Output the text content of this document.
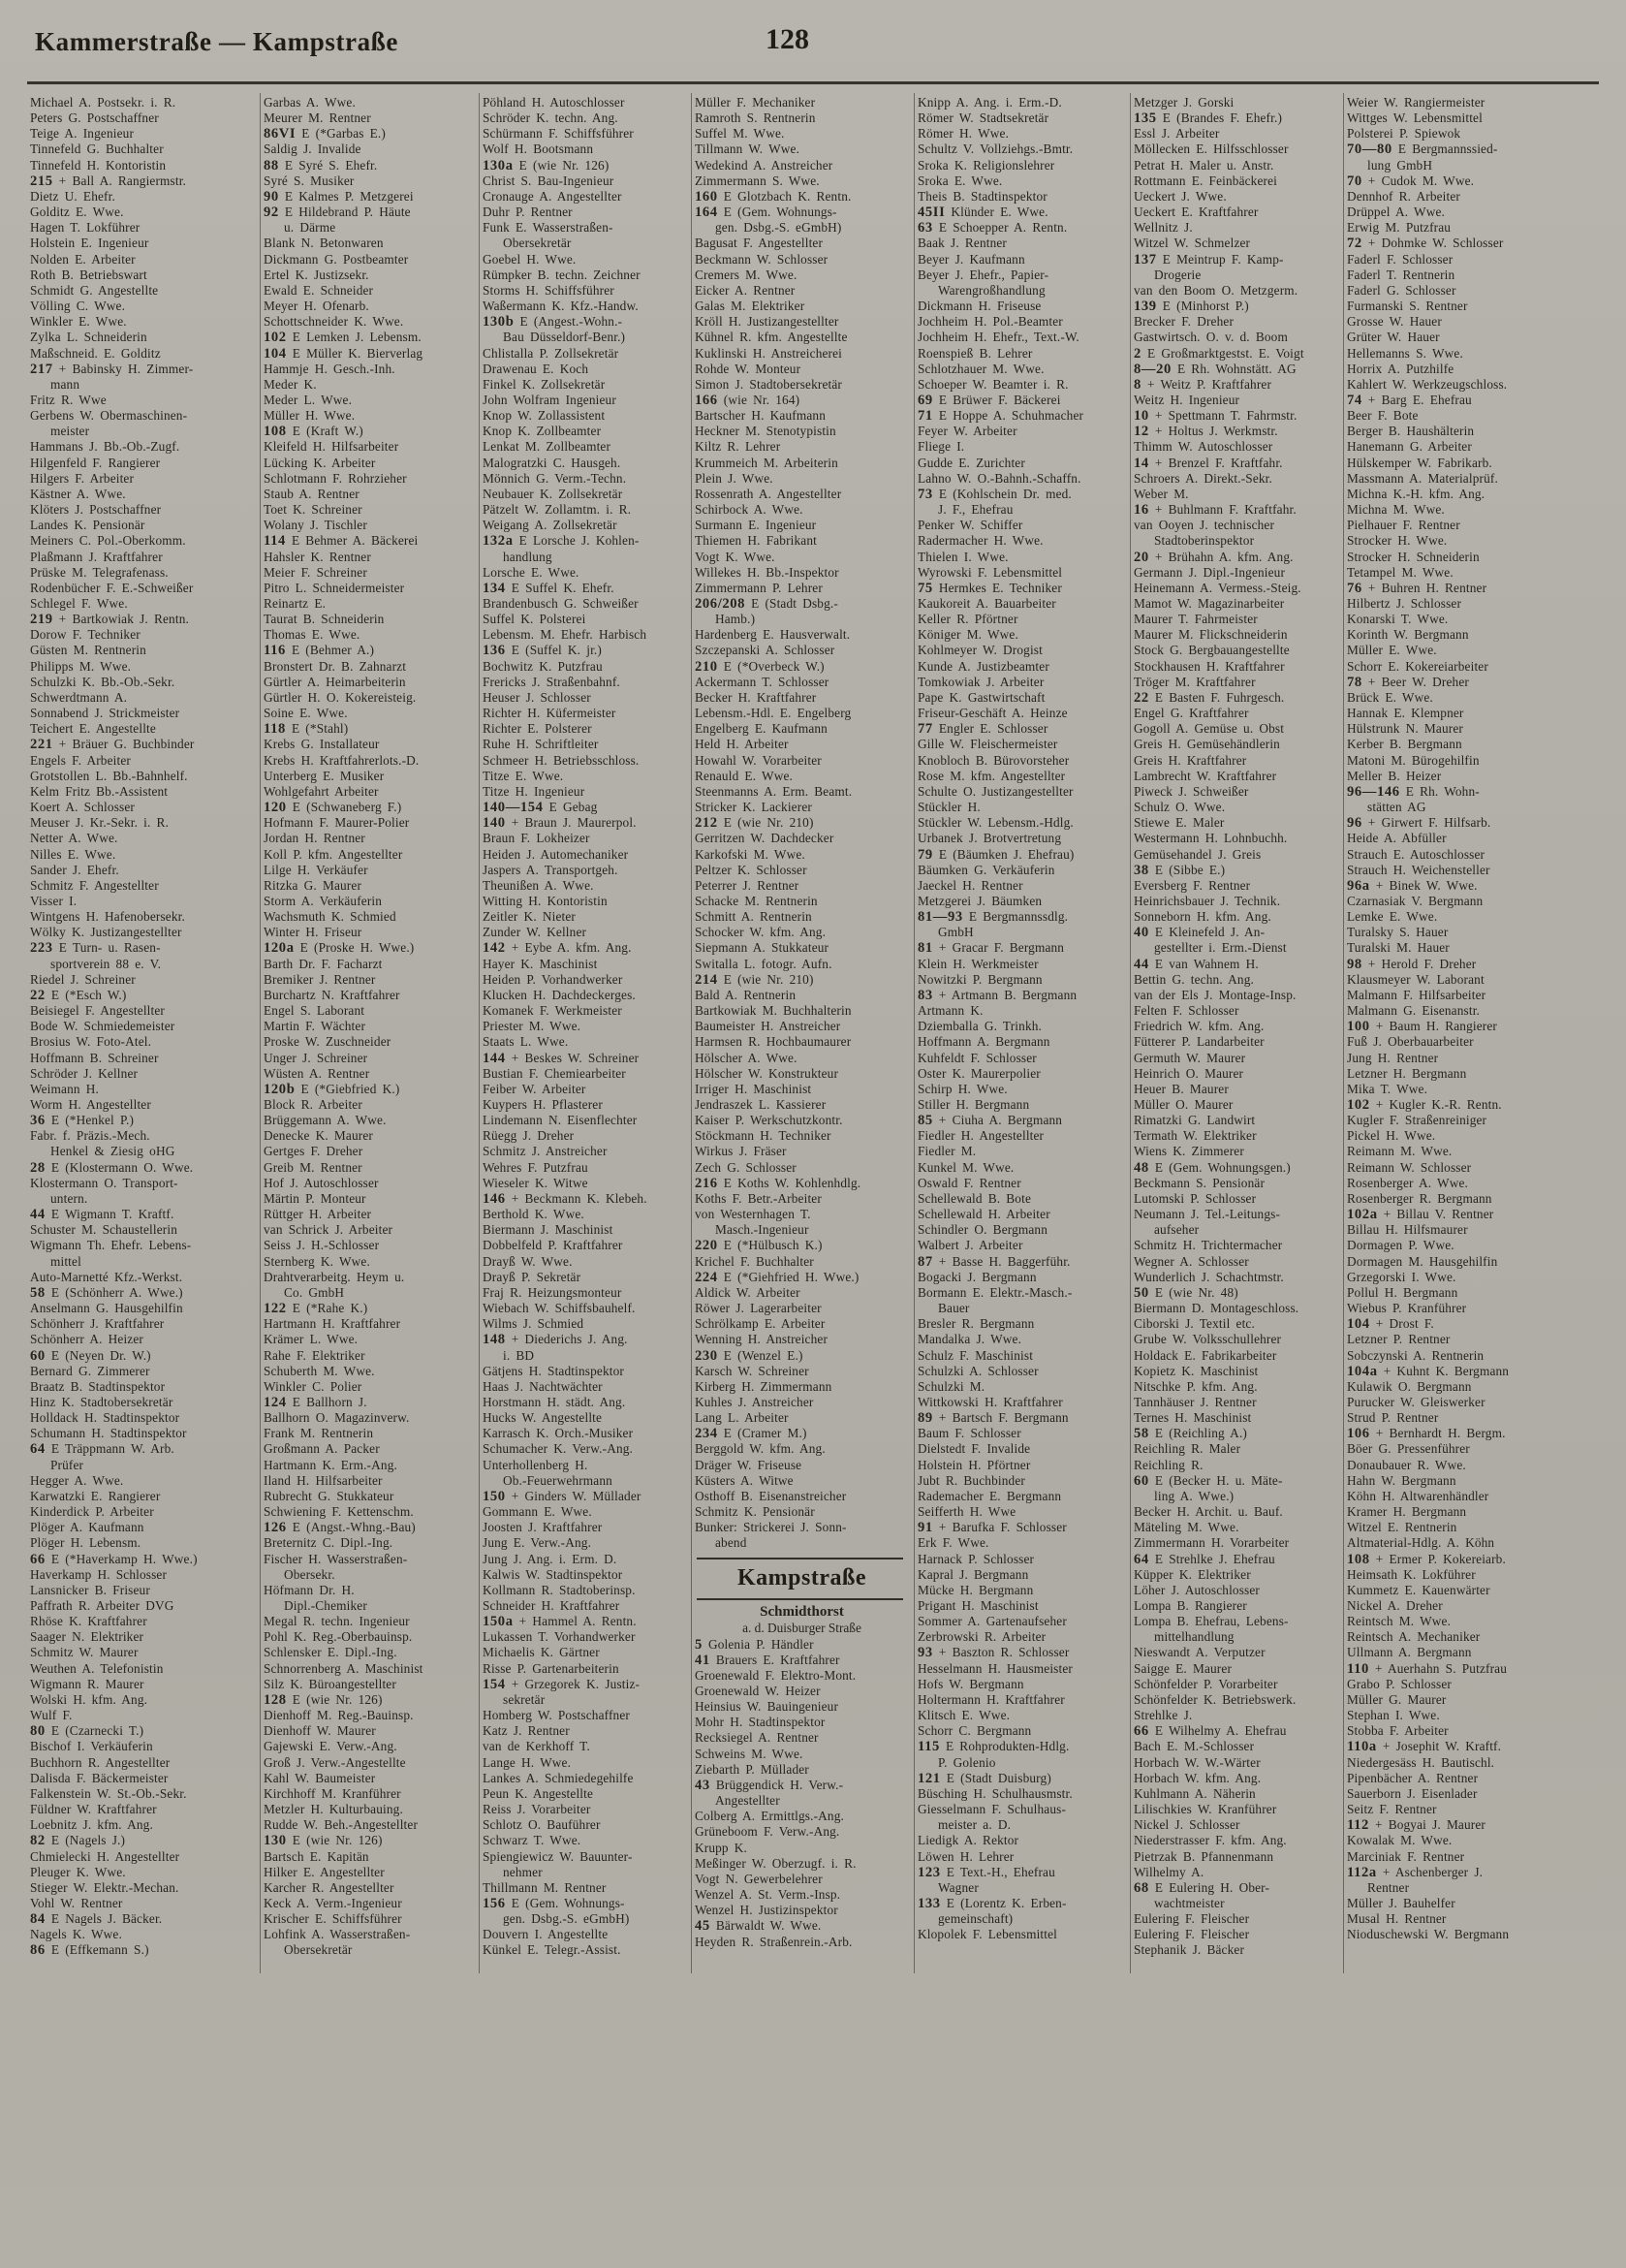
Kammerstraße — Kampstraße	128
Michael A. Postsekr. i. R.
Peters G. Postschaffner
Teige A. Ingenieur
Tinnefeld G. Buchhalter
Tinnefeld H. Kontoristin
215 + Ball A. Rangiermstr.
Dietz U. Ehefr.
Golditz E. Wwe.
Hagen T. Lokführer
Holstein E. Ingenieur
Nolden E. Arbeiter
Roth B. Betriebswart
Schmidt G. Angestellte
Völling C. Wwe.
Winkler E. Wwe.
Zylka L. Schneiderin
Maßschneid. E. Golditz
217 + Babinsky H. Zimmer-
mann
Fritz R. Wwe
Gerbens W. Obermaschinen-
meister
Hammans J. Bb.-Ob.-Zugf.
Hilgenfeld F. Rangierer
Hilgers F. Arbeiter
Kästner A. Wwe.
Klöters J. Postschaffner
Landes K. Pensionär
Meiners C. Pol.-Oberkomm.
Plaßmann J. Kraftfahrer
Prüske M. Telegrafenass.
Rodenbücher F. E.-Schweißer
Schlegel F. Wwe.
219 + Bartkowiak J. Rentn.
Dorow F. Techniker
Güsten M. Rentnerin
Philipps M. Wwe.
Schulzki K. Bb.-Ob.-Sekr.
Schwerdtmann A.
Sonnabend J. Strickmeister
Teichert E. Angestellte
221 + Bräuer G. Buchbinder
Engels F. Arbeiter
Grotstollen L. Bb.-Bahnhelf.
Kelm Fritz Bb.-Assistent
Koert A. Schlosser
Meuser J. Kr.-Sekr. i. R.
Netter A. Wwe.
Nilles E. Wwe.
Sander J. Ehefr.
Schmitz F. Angestellter
Visser I.
Wintgens H. Hafenobersekr.
Wölky K. Justizangestellter
223 E Turn- u. Rasen-
sportverein 88 e. V.
Riedel J. Schreiner
22 E (*Esch W.)
Beisiegel F. Angestellter
Bode W. Schmiedemeister
Brosius W. Foto-Atel.
Hoffmann B. Schreiner
Schröder J. Kellner
Weimann H.
Worm H. Angestellter
36 E (*Henkel P.)
Fabr. f. Präzis.-Mech.
Henkel & Ziesig oHG
28 E (Klostermann O. Wwe.
Klostermann O. Transport-
untern.
44 E Wigmann T. Kraftf.
Schuster M. Schaustellerin
Wigmann Th. Ehefr. Lebens-
mittel
Auto-Marnetté Kfz.-Werkst.
58 E (Schönherr A. Wwe.)
Anselmann G. Hausgehilfin
Schönherr J. Kraftfahrer
Schönherr A. Heizer
60 E (Neyen Dr. W.)
Bernard G. Zimmerer
Braatz B. Stadtinspektor
Hinz K. Stadtobersekretär
Holldack H. Stadtinspektor
Schumann H. Stadtinspektor
64 E Träppmann W. Arb.
Prüfer
Hegger A. Wwe.
Karwatzki E. Rangierer
Kinderdick P. Arbeiter
Plöger A. Kaufmann
Plöger H. Lebensm.
66 E (*Haverkamp H. Wwe.)
Haverkamp H. Schlosser
Lansnicker B. Friseur
Paffrath R. Arbeiter DVG
Rhöse K. Kraftfahrer
Saager N. Elektriker
Schmitz W. Maurer
Weuthen A. Telefonistin
Wigmann R. Maurer
Wolski H. kfm. Ang.
Wulf F.
80 E (Czarnecki T.)
Bischof I. Verkäuferin
Buchhorn R. Angestellter
Dalisda F. Bäckermeister
Falkenstein W. St.-Ob.-Sekr.
Füldner W. Kraftfahrer
Loebnitz J. kfm. Ang.
82 E (Nagels J.)
Chmielecki H. Angestellter
Pleuger K. Wwe.
Stieger W. Elektr.-Mechan.
Vohl W. Rentner
84 E Nagels J. Bäcker.
Nagels K. Wwe.
86 E (Effkemann S.)
Garbas A. Wwe.
Meurer M. Rentner
86VI E (*Garbas E.)
Saldig J. Invalide
88 E Syré S. Ehefr.
Syré S. Musiker
90 E Kalmes P. Metzgerei
92 E Hildebrand P. Häute
u. Därme
Blank N. Betonwaren
Dickmann G. Postbeamter
Ertel K. Justizsekr.
Ewald E. Schneider
Meyer H. Ofenarb.
Schottschneider K. Wwe.
102 E Lemken J. Lebensm.
104 E Müller K. Bierverlag
Hammje H. Gesch.-Inh.
Meder K.
Meder L. Wwe.
Müller H. Wwe.
108 E (Kraft W.)
Kleifeld H. Hilfsarbeiter
Lücking K. Arbeiter
Schlotmann F. Rohrzieher
Staub A. Rentner
Toet K. Schreiner
Wolany J. Tischler
114 E Behmer A. Bäckerei
Hahsler K. Rentner
Meier F. Schreiner
Pitro L. Schneidermeister
Reinartz E.
Taurat B. Schneiderin
Thomas E. Wwe.
116 E (Behmer A.)
Bronstert Dr. B. Zahnarzt
Gürtler A. Heimarbeiterin
Gürtler H. O. Kokereisteig.
Soine E. Wwe.
118 E (*Stahl)
Krebs G. Installateur
Krebs H. Kraftfahrerlots.-D.
Unterberg E. Musiker
Wohlgefahrt Arbeiter
120 E (Schwaneberg F.)
Hofmann F. Maurer-Polier
Jordan H. Rentner
Koll P. kfm. Angestellter
Lilge H. Verkäufer
Ritzka G. Maurer
Storm A. Verkäuferin
Wachsmuth K. Schmied
Winter H. Friseur
120a E (Proske H. Wwe.)
Barth Dr. F. Facharzt
Bremiker J. Rentner
Burchartz N. Kraftfahrer
Engel S. Laborant
Martin F. Wächter
Proske W. Zuschneider
Unger J. Schreiner
Wüsten A. Rentner
120b E (*Giebfried K.)
Block R. Arbeiter
Brüggemann A. Wwe.
Denecke K. Maurer
Gertges F. Dreher
Greib M. Rentner
Hof J. Autoschlosser
Märtin P. Monteur
Rüttger H. Arbeiter
van Schrick J. Arbeiter
Seiss J. H.-Schlosser
Sternberg K. Wwe.
Drahtverarbeitg. Heym u.
Co. GmbH
122 E (*Rahe K.)
Hartmann H. Kraftfahrer
Krämer L. Wwe.
Rahe F. Elektriker
Schuberth M. Wwe.
Winkler C. Polier
124 E Ballhorn J.
Ballhorn O. Magazinverw.
Frank M. Rentnerin
Großmann A. Packer
Hartmann K. Erm.-Ang.
Iland H. Hilfsarbeiter
Rubrecht G. Stukkateur
Schwiening F. Kettenschm.
126 E (Angst.-Whng.-Bau)
Breternitz C. Dipl.-Ing.
Fischer H. Wasserstraßen-
Obersekr.
Höfmann Dr. H.
Dipl.-Chemiker
Megal R. techn. Ingenieur
Pohl K. Reg.-Oberbauinsp.
Schlensker E. Dipl.-Ing.
Schnorrenberg A. Maschinist
Silz K. Büroangestellter
128 E (wie Nr. 126)
Dienhoff M. Reg.-Bauinsp.
Dienhoff W. Maurer
Gajewski E. Verw.-Ang.
Groß J. Verw.-Angestellte
Kahl W. Baumeister
Kirchhoff M. Kranführer
Metzler H. Kulturbauing.
Rudde W. Beh.-Angestellter
130 E (wie Nr. 126)
Bartsch E. Kapitän
Hilker E. Angestellter
Karcher R. Angestellter
Keck A. Verm.-Ingenieur
Krischer E. Schiffsführer
Lohfink A. Wasserstraßen-
Obersekretär
Pöhland H. Autoschlosser
Schröder K. techn. Ang.
Schürmann F. Schiffsführer
Wolf H. Bootsmann
130a E (wie Nr. 126)
Christ S. Bau-Ingenieur
Cronauge A. Angestellter
Duhr P. Rentner
Funk E. Wasserstraßen-
Obersekretär
Goebel H. Wwe.
Rümpker B. techn. Zeichner
Storms H. Schiffsführer
Waßermann K. Kfz.-Handw.
130b E (Angest.-Wohn.-
Bau Düsseldorf-Benr.)
Chlistalla P. Zollsekretär
Drawenau E. Koch
Finkel K. Zollsekretär
John Wolfram Ingenieur
Knop W. Zollassistent
Knop K. Zollbeamter
Lenkat M. Zollbeamter
Malogratzki C. Hausgeh.
Mönnich G. Verm.-Techn.
Neubauer K. Zollsekretär
Pätzelt W. Zollamtm. i. R.
Weigang A. Zollsekretär
132a E Lorsche J. Kohlen-
handlung
Lorsche E. Wwe.
134 E Suffel K. Ehefr.
Brandenbusch G. Schweißer
Suffel K. Polsterei
Lebensm. M. Ehefr. Harbisch
136 E (Suffel K. jr.)
Bochwitz K. Putzfrau
Frericks J. Straßenbahnf.
Heuser J. Schlosser
Richter H. Küfermeister
Richter E. Polsterer
Ruhe H. Schriftleiter
Schmeer H. Betriebsschloss.
Titze E. Wwe.
Titze H. Ingenieur
140—154 E Gebag
140 + Braun J. Maurerpol.
Braun F. Lokheizer
Heiden J. Automechaniker
Jaspers A. Transportgeh.
Theunißen A. Wwe.
Witting H. Kontoristin
Zeitler K. Nieter
Zunder W. Kellner
142 + Eybe A. kfm. Ang.
Hayer K. Maschinist
Heiden P. Vorhandwerker
Klucken H. Dachdeckerges.
Komanek F. Werkmeister
Priester M. Wwe.
Staats L. Wwe.
144 + Beskes W. Schreiner
Bustian F. Chemiearbeiter
Feiber W. Arbeiter
Kuypers H. Pflasterer
Lindemann N. Eisenflechter
Rüegg J. Dreher
Schmitz J. Anstreicher
Wehres F. Putzfrau
Wieseler K. Witwe
146 + Beckmann K. Klebeh.
Berthold K. Wwe.
Biermann J. Maschinist
Dobbelfeld P. Kraftfahrer
Drayß W. Wwe.
Drayß P. Sekretär
Fraj R. Heizungsmonteur
Wiebach W. Schiffsbauhelf.
Wilms J. Schmied
148 + Diederichs J. Ang.
i. BD
Gätjens H. Stadtinspektor
Haas J. Nachtwächter
Horstmann H. städt. Ang.
Hucks W. Angestellte
Karrasch K. Orch.-Musiker
Schumacher K. Verw.-Ang.
Unterhollenberg H.
Ob.-Feuerwehrmann
150 + Ginders W. Müllader
Gommann E. Wwe.
Joosten J. Kraftfahrer
Jung E. Verw.-Ang.
Jung J. Ang. i. Erm. D.
Kalwis W. Stadtinspektor
Kollmann R. Stadtoberinsp.
Schneider H. Kraftfahrer
150a + Hammel A. Rentn.
Lukassen T. Vorhandwerker
Michaelis K. Gärtner
Risse P. Gartenarbeiterin
154 + Grzegorek K. Justiz-
sekretär
Homberg W. Postschaffner
Katz J. Rentner
van de Kerkhoff T.
Lange H. Wwe.
Lankes A. Schmiedegehilfe
Peun K. Angestellte
Reiss J. Vorarbeiter
Schlotz O. Bauführer
Schwarz T. Wwe.
Spiengiewicz W. Bauunter-
nehmer
Thillmann M. Rentner
156 E (Gem. Wohnungs-
gen. Dsbg.-S. eGmbH)
Douvern I. Angestellte
Künkel E. Telegr.-Assist.
Müller F. Mechaniker
Ramroth S. Rentnerin
Suffel M. Wwe.
Tillmann W. Wwe.
Wedekind A. Anstreicher
Zimmermann S. Wwe.
160 E Glotzbach K. Rentn.
164 E (Gem. Wohnungs-
gen. Dsbg.-S. eGmbH)
Bagusat F. Angestellter
Beckmann W. Schlosser
Cremers M. Wwe.
Eicker A. Rentner
Galas M. Elektriker
Kröll H. Justizangestellter
Kühnel R. kfm. Angestellte
Kuklinski H. Anstreicherei
Rohde W. Monteur
Simon J. Stadtobersekretär
166 (wie Nr. 164)
Bartscher H. Kaufmann
Heckner M. Stenotypistin
Kiltz R. Lehrer
Krummeich M. Arbeiterin
Plein J. Wwe.
Rossenrath A. Angestellter
Schirbock A. Wwe.
Surmann E. Ingenieur
Thiemen H. Fabrikant
Vogt K. Wwe.
Willekes H. Bb.-Inspektor
Zimmermann P. Lehrer
206/208 E (Stadt Dsbg.-
Hamb.)
Hardenberg E. Hausverwalt.
Szczepanski A. Schlosser
210 E (*Overbeck W.)
Ackermann T. Schlosser
Becker H. Kraftfahrer
Lebensm.-Hdl. E. Engelberg
Engelberg E. Kaufmann
Held H. Arbeiter
Howahl W. Vorarbeiter
Renauld E. Wwe.
Steenmanns A. Erm. Beamt.
Stricker K. Lackierer
212 E (wie Nr. 210)
Gerritzen W. Dachdecker
Karkofski M. Wwe.
Peltzer K. Schlosser
Peterrer J. Rentner
Schacke M. Rentnerin
Schmitt A. Rentnerin
Schocker W. kfm. Ang.
Siepmann A. Stukkateur
Switalla L. fotogr. Aufn.
214 E (wie Nr. 210)
Bald A. Rentnerin
Bartkowiak M. Buchhalterin
Baumeister H. Anstreicher
Harmsen R. Hochbaumaurer
Hölscher A. Wwe.
Hölscher W. Konstrukteur
Irriger H. Maschinist
Jendraszek L. Kassierer
Kaiser P. Werkschutzkontr.
Stöckmann H. Techniker
Wirkus J. Fräser
Zech G. Schlosser
216 E Koths W. Kohlenhdlg.
Koths F. Betr.-Arbeiter
von Westernhagen T.
Masch.-Ingenieur
220 E (*Hülbusch K.)
Krichel F. Buchhalter
224 E (*Giehfried H. Wwe.)
Aldick W. Arbeiter
Röwer J. Lagerarbeiter
Schrölkamp E. Arbeiter
Wenning H. Anstreicher
230 E (Wenzel E.)
Karsch W. Schreiner
Kirberg H. Zimmermann
Kuhles J. Anstreicher
Lang L. Arbeiter
234 E (Cramer M.)
Berggold W. kfm. Ang.
Dräger W. Friseuse
Küsters A. Witwe
Osthoff B. Eisenanstreicher
Schmitz K. Pensionär
Bunker: Strickerei J. Sonn-
abend
Kampstraße
Schmidthorst
a. d. Duisburger Straße
5 Golenia P. Händler
41 Brauers E. Kraftfahrer
Groenewald F. Elektro-Mont.
Groenewald W. Heizer
Heinsius W. Bauingenieur
Mohr H. Stadtinspektor
Recksiegel A. Rentner
Schweins M. Wwe.
Ziebarth P. Müllader
43 Brüggendick H. Verw.-
Angestellter
Colberg A. Ermittlgs.-Ang.
Grüneboom F. Verw.-Ang.
Krupp K.
Meßinger W. Oberzugf. i. R.
Vogt N. Gewerbelehrer
Wenzel A. St. Verm.-Insp.
Wenzel H. Justizinspektor
45 Bärwaldt W. Wwe.
Heyden R. Straßenrein.-Arb.
Knipp A. Ang. i. Erm.-D.
Römer W. Stadtsekretär
Römer H. Wwe.
Schultz V. Vollziehgs.-Bmtr.
Sroka K. Religionslehrer
Sroka E. Wwe.
Theis B. Stadtinspektor
45II Klünder E. Wwe.
63 E Schoepper A. Rentn.
Baak J. Rentner
Beyer J. Kaufmann
Beyer J. Ehefr., Papier-
Warengroßhandlung
Dickmann H. Friseuse
Jochheim H. Pol.-Beamter
Jochheim H. Ehefr., Text.-W.
Roenspieß B. Lehrer
Schlotzhauer M. Wwe.
Schoeper W. Beamter i. R.
69 E Brüwer F. Bäckerei
71 E Hoppe A. Schuhmacher
Feyer W. Arbeiter
Fliege I.
Gudde E. Zurichter
Lahno W. O.-Bahnh.-Schaffn.
73 E (Kohlschein Dr. med.
J. F., Ehefrau
Penker W. Schiffer
Radermacher H. Wwe.
Thielen I. Wwe.
Wyrowski F. Lebensmittel
75 Hermkes E. Techniker
Kaukoreit A. Bauarbeiter
Keller R. Pförtner
Königer M. Wwe.
Kohlmeyer W. Drogist
Kunde A. Justizbeamter
Tomkowiak J. Arbeiter
Pape K. Gastwirtschaft
Friseur-Geschäft A. Heinze
77 Engler E. Schlosser
Gille W. Fleischermeister
Knobloch B. Bürovorsteher
Rose M. kfm. Angestellter
Schulte O. Justizangestellter
Stückler H.
Stückler W. Lebensm.-Hdlg.
Urbanek J. Brotvertretung
79 E (Bäumken J. Ehefrau)
Bäumken G. Verkäuferin
Jaeckel H. Rentner
Metzgerei J. Bäumken
81—93 E Bergmannssdlg.
GmbH
81 + Gracar F. Bergmann
Klein H. Werkmeister
Nowitzki P. Bergmann
83 + Artmann B. Bergmann
Artmann K.
Dziemballa G. Trinkh.
Hoffmann A. Bergmann
Kuhfeldt F. Schlosser
Oster K. Maurerpolier
Schirp H. Wwe.
Stiller H. Bergmann
85 + Ciuha A. Bergmann
Fiedler H. Angestellter
Fiedler M.
Kunkel M. Wwe.
Oswald F. Rentner
Schellewald B. Bote
Schellewald H. Arbeiter
Schindler O. Bergmann
Walbert J. Arbeiter
87 + Basse H. Baggerführ.
Bogacki J. Bergmann
Bormann E. Elektr.-Masch.-
Bauer
Bresler R. Bergmann
Mandalka J. Wwe.
Schulz F. Maschinist
Schulzki A. Schlosser
Schulzki M.
Wittkowski H. Kraftfahrer
89 + Bartsch F. Bergmann
Baum F. Schlosser
Dielstedt F. Invalide
Holstein H. Pförtner
Jubt R. Buchbinder
Rademacher E. Bergmann
Seifferth H. Wwe
91 + Barufka F. Schlosser
Erk F. Wwe.
Harnack P. Schlosser
Kapral J. Bergmann
Mücke H. Bergmann
Prigant H. Maschinist
Sommer A. Gartenaufseher
Zerbrowski R. Arbeiter
93 + Baszton R. Schlosser
Hesselmann H. Hausmeister
Hofs W. Bergmann
Holtermann H. Kraftfahrer
Klitsch E. Wwe.
Schorr C. Bergmann
115 E Rohprodukten-Hdlg.
P. Golenio
121 E (Stadt Duisburg)
Büsching H. Schulhausmstr.
Giesselmann F. Schulhaus-
meister a. D.
Liedigk A. Rektor
Löwen H. Lehrer
123 E Text.-H., Ehefrau
Wagner
133 E (Lorentz K. Erben-
gemeinschaft)
Klopolek F. Lebensmittel
Metzger J. Gorski
135 E (Brandes F. Ehefr.)
Essl J. Arbeiter
Möllecken E. Hilfsschlosser
Petrat H. Maler u. Anstr.
Rottmann E. Feinbäckerei
Ueckert J. Wwe.
Ueckert E. Kraftfahrer
Wellnitz J.
Witzel W. Schmelzer
137 E Meintrup F. Kamp-
Drogerie
van den Boom O. Metzgerm.
139 E (Minhorst P.)
Brecker F. Dreher
Gastwirtsch. O. v. d. Boom
2 E Großmarktgestst. E. Voigt
8—20 E Rh. Wohnstätt. AG
8 + Weitz P. Kraftfahrer
Weitz H. Ingenieur
10 + Spettmann T. Fahrmstr.
12 + Holtus J. Werkmstr.
Thimm W. Autoschlosser
14 + Brenzel F. Kraftfahr.
Schroers A. Direkt.-Sekr.
Weber M.
16 + Buhlmann F. Kraftfahr.
van Ooyen J. technischer
Stadtoberinspektor
20 + Brühahn A. kfm. Ang.
Germann J. Dipl.-Ingenieur
Heinemann A. Vermess.-Steig.
Mamot W. Magazinarbeiter
Maurer T. Fahrmeister
Maurer M. Flickschneiderin
Stock G. Bergbauangestellte
Stockhausen H. Kraftfahrer
Tröger M. Kraftfahrer
22 E Basten F. Fuhrgesch.
Engel G. Kraftfahrer
Gogoll A. Gemüse u. Obst
Greis H. Gemüsehändlerin
Greis H. Kraftfahrer
Lambrecht W. Kraftfahrer
Piweck J. Schweißer
Schulz O. Wwe.
Stiewe E. Maler
Westermann H. Lohnbuchh.
Gemüsehandel J. Greis
38 E (Sibbe E.)
Eversberg F. Rentner
Heinrichsbauer J. Technik.
Sonneborn H. kfm. Ang.
40 E Kleinefeld J. An-
gestellter i. Erm.-Dienst
44 E van Wahnem H.
Bettin G. techn. Ang.
van der Els J. Montage-Insp.
Felten F. Schlosser
Friedrich W. kfm. Ang.
Fütterer P. Landarbeiter
Germuth W. Maurer
Heinrich O. Maurer
Heuer B. Maurer
Müller O. Maurer
Rimatzki G. Landwirt
Termath W. Elektriker
Wiens K. Zimmerer
48 E (Gem. Wohnungsgen.)
Beckmann S. Pensionär
Lutomski P. Schlosser
Neumann J. Tel.-Leitungs-
aufseher
Schmitz H. Trichtermacher
Wegner A. Schlosser
Wunderlich J. Schachtmstr.
50 E (wie Nr. 48)
Biermann D. Montageschloss.
Ciborski J. Textil etc.
Grube W. Volksschullehrer
Holdack E. Fabrikarbeiter
Kopietz K. Maschinist
Nitschke P. kfm. Ang.
Tannhäuser J. Rentner
Ternes H. Maschinist
58 E (Reichling A.)
Reichling R. Maler
Reichling R.
60 E (Becker H. u. Mäte-
ling A. Wwe.)
Becker H. Archit. u. Bauf.
Mäteling M. Wwe.
Zimmermann H. Vorarbeiter
64 E Strehlke J. Ehefrau
Küpper K. Elektriker
Löher J. Autoschlosser
Lompa B. Rangierer
Lompa B. Ehefrau, Lebens-
mittelhandlung
Nieswandt A. Verputzer
Saigge E. Maurer
Schönfelder P. Vorarbeiter
Schönfelder K. Betriebswerk.
Strehlke J.
66 E Wilhelmy A. Ehefrau
Bach E. M.-Schlosser
Horbach W. W.-Wärter
Horbach W. kfm. Ang.
Kuhlmann A. Näherin
Lilischkies W. Kranführer
Nickel J. Schlosser
Niederstrasser F. kfm. Ang.
Pietrzak B. Pfannenmann
Wilhelmy A.
68 E Eulering H. Ober-
wachtmeister
Eulering F. Fleischer
Eulering F. Fleischer
Stephanik J. Bäcker
Weier W. Rangiermeister
Wittges W. Lebensmittel
Polsterei P. Spiewok
70—80 E Bergmannssied-
lung GmbH
70 + Cudok M. Wwe.
Dennhof R. Arbeiter
Drüppel A. Wwe.
Erwig M. Putzfrau
72 + Dohmke W. Schlosser
Faderl F. Schlosser
Faderl T. Rentnerin
Faderl G. Schlosser
Furmanski S. Rentner
Grosse W. Hauer
Grüter W. Hauer
Hellemanns S. Wwe.
Horrix A. Putzhilfe
Kahlert W. Werkzeugschloss.
74 + Barg E. Ehefrau
Beer F. Bote
Berger B. Haushälterin
Hanemann G. Arbeiter
Hülskemper W. Fabrikarb.
Massmann A. Materialprüf.
Michna K.-H. kfm. Ang.
Michna M. Wwe.
Pielhauer F. Rentner
Strocker H. Wwe.
Strocker H. Schneiderin
Tetampel M. Wwe.
76 + Buhren H. Rentner
Hilbertz J. Schlosser
Konarski T. Wwe.
Korinth W. Bergmann
Müller E. Wwe.
Schorr E. Kokereiarbeiter
78 + Beer W. Dreher
Brück E. Wwe.
Hannak E. Klempner
Hülstrunk N. Maurer
Kerber B. Bergmann
Matoni M. Bürogehilfin
Meller B. Heizer
96—146 E Rh. Wohn-
stätten AG
96 + Girwert F. Hilfsarb.
Heide A. Abfüller
Strauch E. Autoschlosser
Strauch H. Weichensteller
96a + Binek W. Wwe.
Czarnasiak V. Bergmann
Lemke E. Wwe.
Turalsky S. Hauer
Turalski M. Hauer
98 + Herold F. Dreher
Klausmeyer W. Laborant
Malmann F. Hilfsarbeiter
Malmann G. Eisenanstr.
100 + Baum H. Rangierer
Fuß J. Oberbauarbeiter
Jung H. Rentner
Letzner H. Bergmann
Mika T. Wwe.
102 + Kugler K.-R. Rentn.
Kugler F. Straßenreiniger
Pickel H. Wwe.
Reimann M. Wwe.
Reimann W. Schlosser
Rosenberger A. Wwe.
Rosenberger R. Bergmann
102a + Billau V. Rentner
Billau H. Hilfsmaurer
Dormagen P. Wwe.
Dormagen M. Hausgehilfin
Grzegorski I. Wwe.
Pollul H. Bergmann
Wiebus P. Kranführer
104 + Drost F.
Letzner P. Rentner
Sobczynski A. Rentnerin
104a + Kuhnt K. Bergmann
Kulawik O. Bergmann
Purucker W. Gleiswerker
Strud P. Rentner
106 + Bernhardt H. Bergm.
Böer G. Pressenführer
Donaubauer R. Wwe.
Hahn W. Bergmann
Köhn H. Altwarenhändler
Kramer H. Bergmann
Witzel E. Rentnerin
Altmaterial-Hdlg. A. Köhn
108 + Ermer P. Kokereiarb.
Heimsath K. Lokführer
Kummetz E. Kauenwärter
Nickel A. Dreher
Reintsch M. Wwe.
Reintsch A. Mechaniker
Ullmann A. Bergmann
110 + Auerhahn S. Putzfrau
Grabo P. Schlosser
Müller G. Maurer
Stephan I. Wwe.
Stobba F. Arbeiter
110a + Josephit W. Kraftf.
Niedergesäss H. Bautischl.
Pipenbächer A. Rentner
Sauerborn J. Eisenlader
Seitz F. Rentner
112 + Bogyai J. Maurer
Kowalak M. Wwe.
Marciniak F. Rentner
112a + Aschenberger J.
Rentner
Müller J. Bauhelfer
Musal H. Rentner
Nioduschewski W. Bergmann
